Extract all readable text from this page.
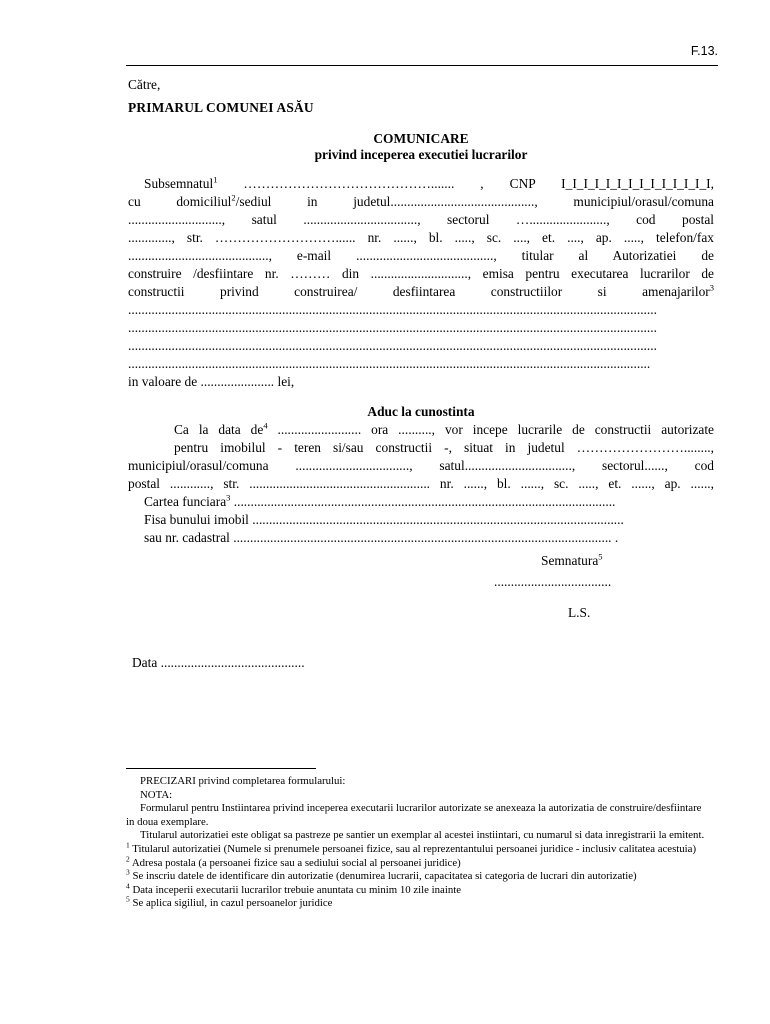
F.13.

Către,

PRIMARUL COMUNEI ASĂU

COMUNICARE
privind inceperea executiei lucrarilor

Subsemnatul$^1$ ……………………………………....... , CNP I_I_I_I_I_I_I_I_I_I_I_I_I_I,
cu domiciliul$^2$/sediul in judetul..........................................., municipiul/orasul/comuna
............................, satul .................................., sectorul …......................., cod postal
............., str. ………………………...... nr. ......, bl. ....., sc. ...., et. ...., ap. ....., telefon/fax
.........................................., e-mail ........................................., titular al Autorizatiei de
construire /desfiintare nr. ……… din ............................., emisa pentru executarea lucrarilor de
constructii privind construirea/ desfiintarea constructiilor si amenajarilor$^3$
..............................................................................................................................................................
..............................................................................................................................................................
..............................................................................................................................................................
............................................................................................................................................................
in valoare de ...................... lei,

Aduc la cunostinta

Ca la data $de^4$ ......................... ora .........., vor incepe lucrarile de constructii autorizate
pentru imobilul - teren si/sau constructii -, situat in judetul ……………………........,
municipiul/orasul/comuna .................................., satul................................, sectorul......, cod
postal ............, str. ...................................................... nr. ......, bl. ......, sc. ....., et. ......, ap. ......,
Cartea funciara$^3$ ..................................................................................................................
Fisa bunului imobil ...............................................................................................................
sau nr. cadastral ................................................................................................................. .
Semnatura$^5$
...................................
L.S.
Data ...........................................

PRECIZARI privind completarea formularului:

NOTA:

Formularul pentru Instiintarea privind inceperea executarii lucrarilor autorizate se anexeaza la autorizatia de construire/desfiintare in doua exemplare.

Titularul autorizatiei este obligat sa pastreze pe santier un exemplar al acestei instiintari, cu numarul si data inregistrarii la emitent.

$^1$ Titularul autorizatiei (Numele si prenumele persoanei fizice, sau al reprezentantului persoanei juridice - inclusiv calitatea acestuia)

$^2$ Adresa postala (a persoanei fizice sau a sediului social al persoanei juridice)

$^3$ Se inscriu datele de identificare din autorizatie (denumirea lucrarii, capacitatea si categoria de lucrari din autorizatie)

$^4$ Data inceperii executarii lucrarilor trebuie anuntata cu minim 10 zile inainte

$^5$ Se aplica sigiliul, in cazul persoanelor juridice
